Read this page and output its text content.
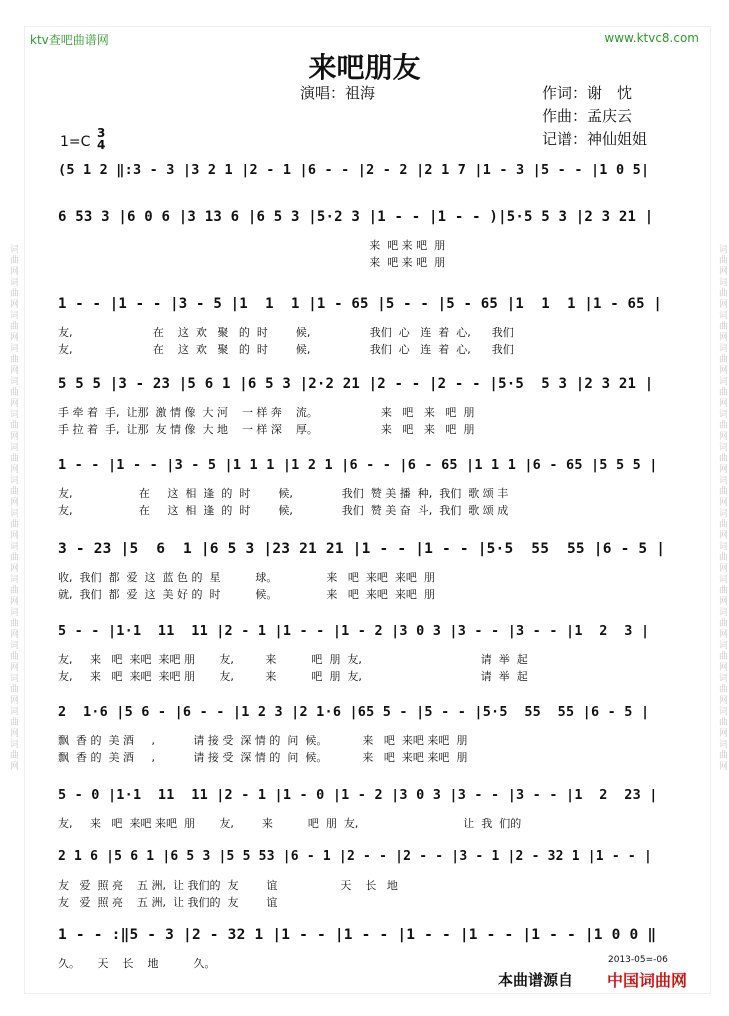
词曲网词曲网词曲网词曲网词曲网词曲网词曲网词曲网词曲网词曲网词曲网词曲网词曲网词曲网词曲网词曲网	词曲网词曲网词曲网词曲网词曲网词曲网词曲网词曲网词曲网词曲网词曲网词曲网词曲网词曲网词曲网词曲网
ktv查吧曲谱网	www.ktvc8.com
来吧朋友
演唱：祖海	作词：谢　忱
作曲：孟庆云
记谱：神仙姐姐
1=C
3
4
(5 1 2 ‖:3 - 3 |3 2 1 |2 - 1 |6 - - |2 - 2 |2 1 7 |1 - 3 |5 - - |1 0 5|
6 53 3 |6 0 6 |3 13 6 |6 5 3 |5·2 3 |1 - - |1 - - )|5·5 5 3 |2 3 21 |
来  吧 来 吧  朋
来  吧 来 吧  朋
1 - - |1 - - |3 - 5 |1  1  1 |1 - 65 |5 - - |5 - 65 |1  1  1 |1 - 65 |
友,                       在    这  欢   聚   的  时        候,                 我们  心   连  着  心,      我们
友,                       在    这  欢   聚   的  时        候,                 我们  心   连  着  心,      我们
5 5 5 |3 - 23 |5 6 1 |6 5 3 |2·2 21 |2 - - |2 - - |5·5  5 3 |2 3 21 |
手 牵 着  手,  让那  激 情 像  大 河    一 样 奔    流。                  来   吧   来   吧  朋
手 拉 着  手,  让那  友 情 像  大 地    一 样 深    厚。                  来   吧   来   吧  朋
1 - - |1 - - |3 - 5 |1 1 1 |1 2 1 |6 - - |6 - 65 |1 1 1 |6 - 65 |5 5 5 |
友,                   在     这  相  逢  的  时        候,              我们  赞 美 播  种,  我们  歌 颂 丰
友,                   在     这  相  逢  的  时        候,              我们  赞 美 奋  斗,  我们  歌 颂 成
3 - 23 |5  6  1 |6 5 3 |23 21 21 |1 - - |1 - - |5·5  55  55 |6 - 5 |
收,  我们  都  爱  这  蓝 色 的  星          球。              来   吧  来吧  来吧  朋
就,  我们  都  爱  这  美 好 的  时          候。              来   吧  来吧  来吧  朋
5 - - |1·1  11  11 |2 - 1 |1 - - |1 - 2 |3 0 3 |3 - - |3 - - |1  2  3 |
友,     来   吧  来吧  来吧 朋       友,         来          吧  朋  友,                                  请  举  起
友,     来   吧  来吧  来吧 朋       友,         来          吧  朋  友,                                  请  举  起
2  1·6 |5 6 - |6 - - |1 2 3 |2 1·6 |65 5 - |5 - - |5·5  55  55 |6 - 5 |
飘  香 的  美 酒     ,           请 接 受  深 情 的  问  候。          来   吧  来吧 来吧  朋
飘  香 的  美 酒     ,           请 接 受  深 情 的  问  候。          来   吧  来吧 来吧  朋
5 - 0 |1·1  11  11 |2 - 1 |1 - 0 |1 - 2 |3 0 3 |3 - - |3 - - |1  2  23 |
友,     来   吧  来吧 来吧  朋       友,        来          吧  朋  友,                              让  我  们的
2 1 6 |5 6 1 |6 5 3 |5 5 53 |6 - 1 |2 - - |2 - - |3 - 1 |2 - 32 1 |1 - - |
友   爱  照 亮    五 洲,  让 我们的  友        谊                  天    长   地
友   爱  照 亮    五 洲,  让 我们的  友        谊
1 - - :‖5 - 3 |2 - 32 1 |1 - - |1 - - |1 - - |1 - - |1 - - |1 0 0 ‖
久。     天    长    地          久。	2013-05=-06
本曲谱源自 中国词曲网
